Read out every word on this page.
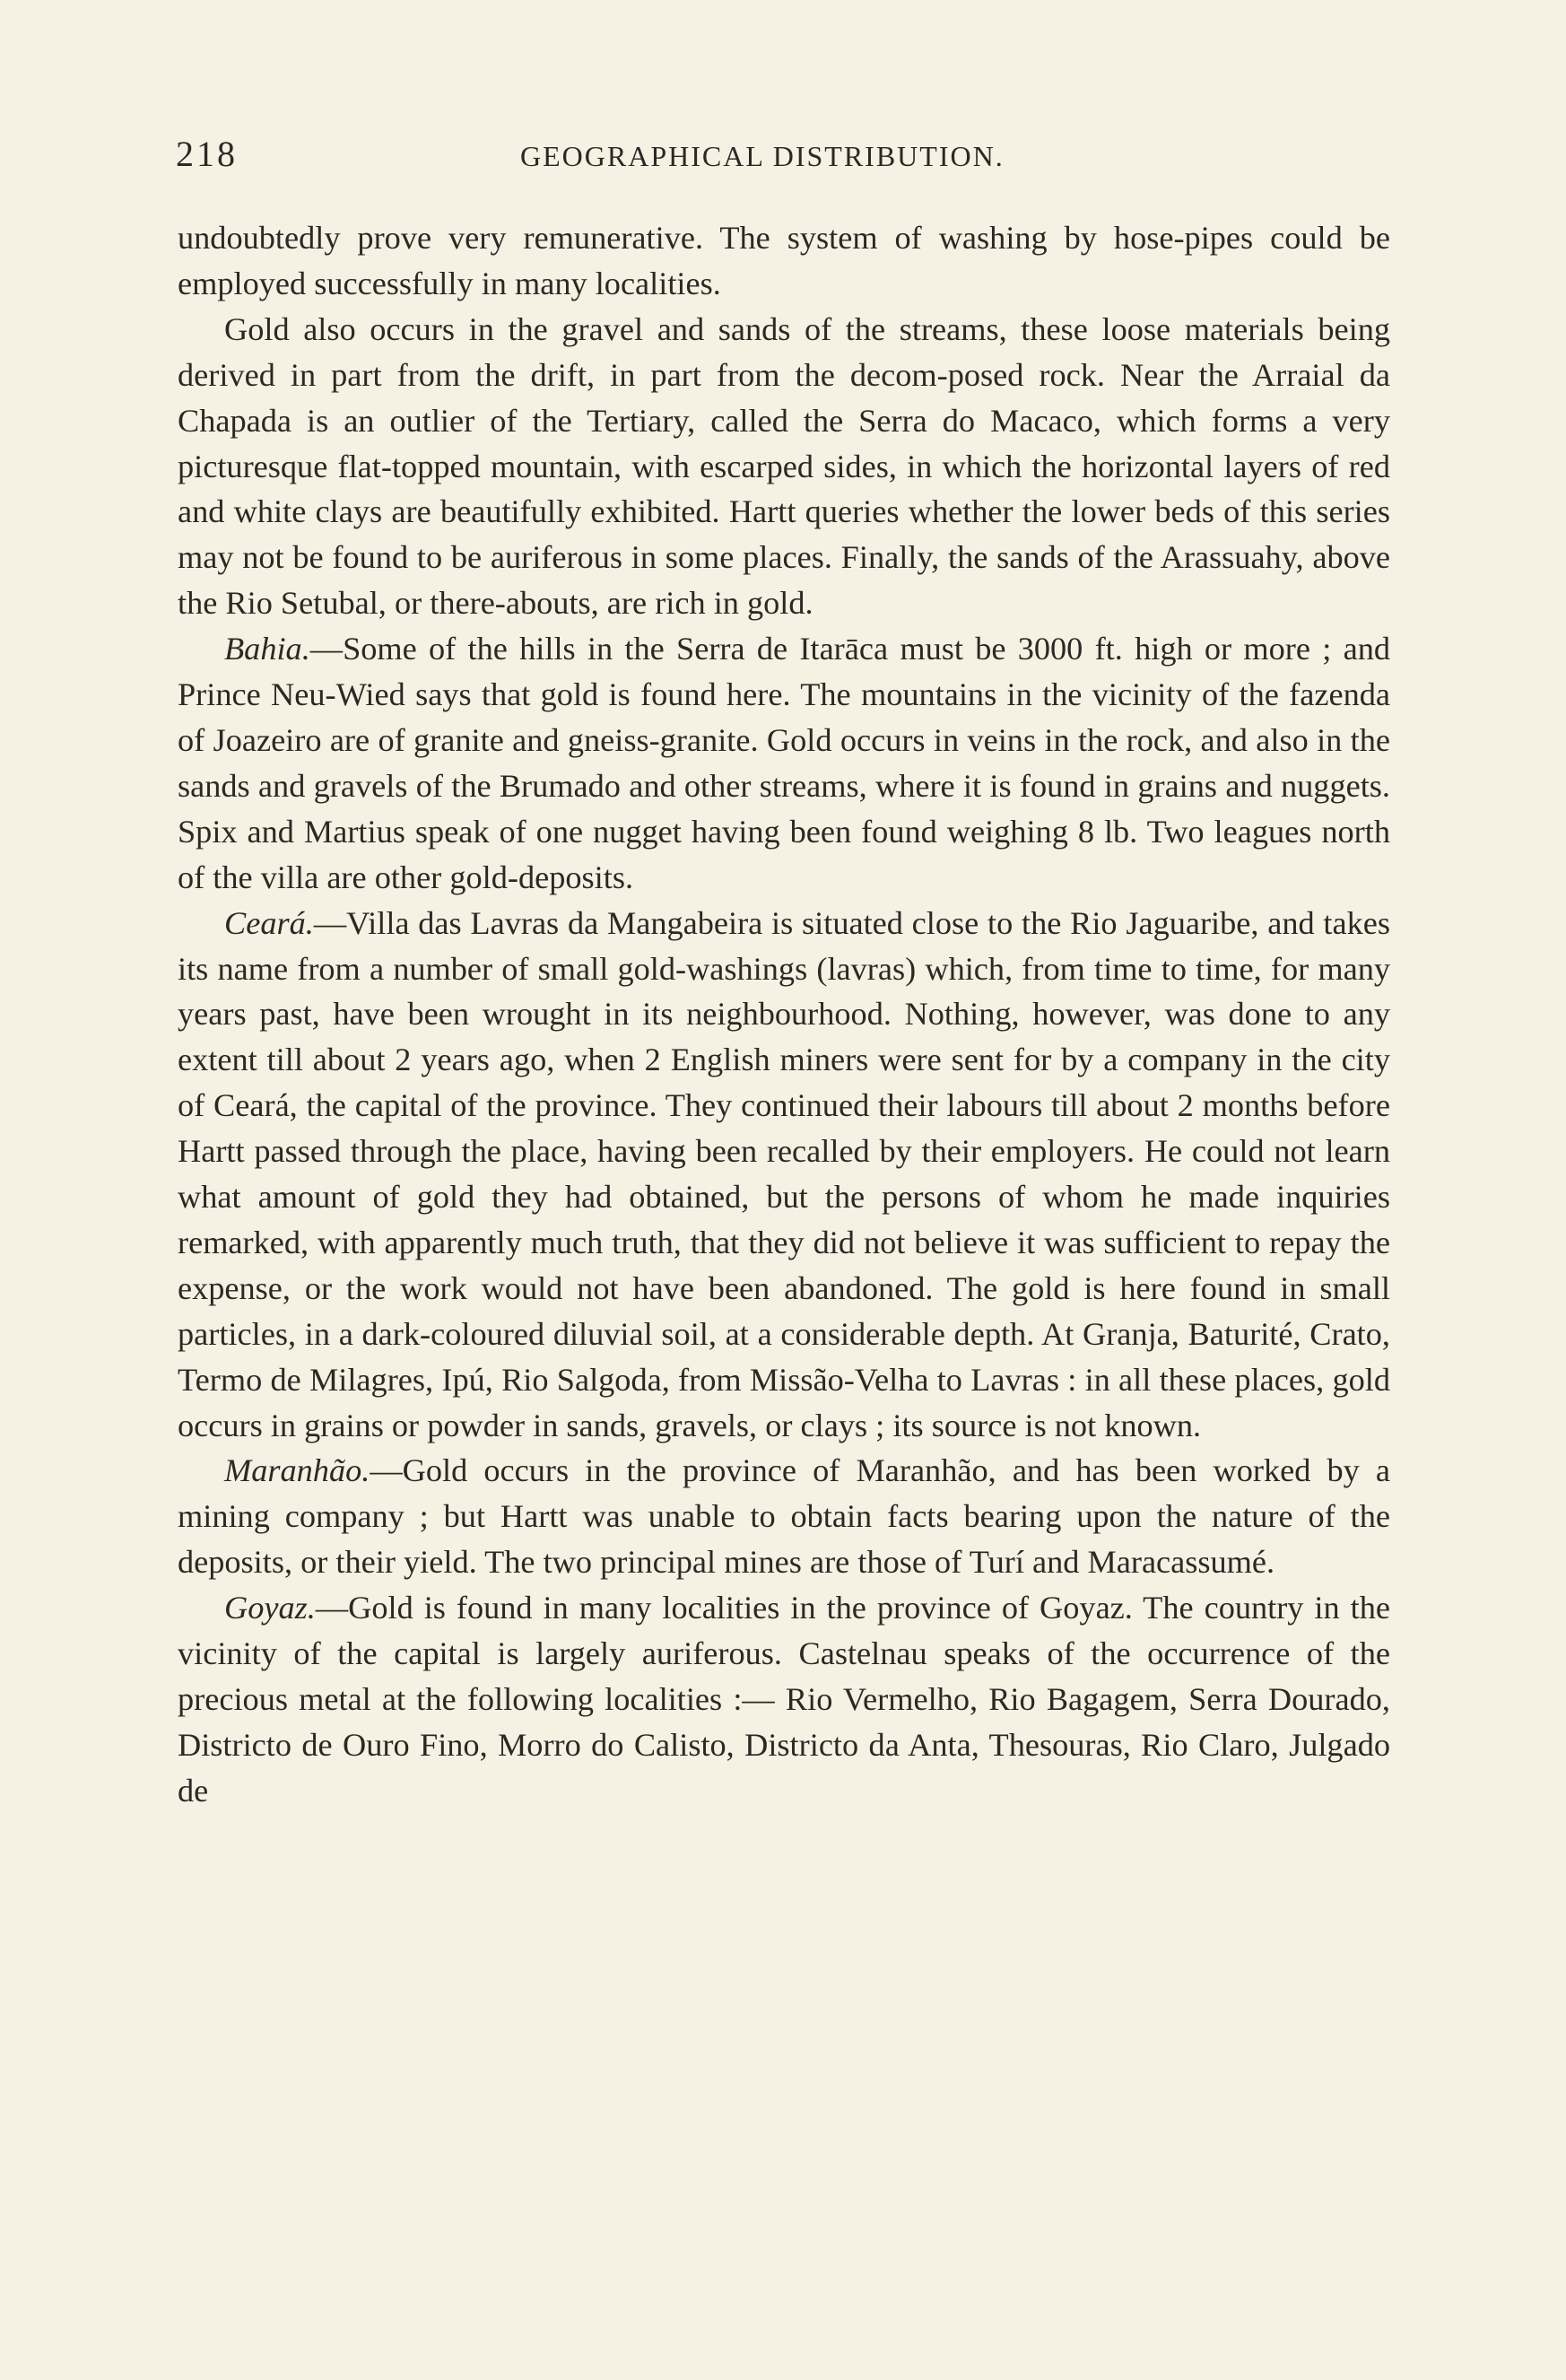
218	GEOGRAPHICAL DISTRIBUTION.

undoubtedly prove very remunerative. The system of washing by hose-pipes could be employed successfully in many localities.

Gold also occurs in the gravel and sands of the streams, these loose materials being derived in part from the drift, in part from the decom-posed rock. Near the Arraial da Chapada is an outlier of the Tertiary, called the Serra do Macaco, which forms a very picturesque flat-topped mountain, with escarped sides, in which the horizontal layers of red and white clays are beautifully exhibited. Hartt queries whether the lower beds of this series may not be found to be auriferous in some places. Finally, the sands of the Arassuahy, above the Rio Setubal, or there-abouts, are rich in gold.

Bahia.—Some of the hills in the Serra de Itarāca must be 3000 ft. high or more ; and Prince Neu-Wied says that gold is found here. The mountains in the vicinity of the fazenda of Joazeiro are of granite and gneiss-granite. Gold occurs in veins in the rock, and also in the sands and gravels of the Brumado and other streams, where it is found in grains and nuggets. Spix and Martius speak of one nugget having been found weighing 8 lb. Two leagues north of the villa are other gold-deposits.

Ceará.—Villa das Lavras da Mangabeira is situated close to the Rio Jaguaribe, and takes its name from a number of small gold-washings (lavras) which, from time to time, for many years past, have been wrought in its neighbourhood. Nothing, however, was done to any extent till about 2 years ago, when 2 English miners were sent for by a company in the city of Ceará, the capital of the province. They continued their labours till about 2 months before Hartt passed through the place, having been recalled by their employers. He could not learn what amount of gold they had obtained, but the persons of whom he made inquiries remarked, with apparently much truth, that they did not believe it was sufficient to repay the expense, or the work would not have been abandoned. The gold is here found in small particles, in a dark-coloured diluvial soil, at a considerable depth. At Granja, Baturité, Crato, Termo de Milagres, Ipú, Rio Salgoda, from Missão-Velha to Lavras : in all these places, gold occurs in grains or powder in sands, gravels, or clays ; its source is not known.

Maranhão.—Gold occurs in the province of Maranhão, and has been worked by a mining company ; but Hartt was unable to obtain facts bearing upon the nature of the deposits, or their yield. The two principal mines are those of Turí and Maracassumé.

Goyaz.—Gold is found in many localities in the province of Goyaz. The country in the vicinity of the capital is largely auriferous. Castelnau speaks of the occurrence of the precious metal at the following localities :— Rio Vermelho, Rio Bagagem, Serra Dourado, Districto de Ouro Fino, Morro do Calisto, Districto da Anta, Thesouras, Rio Claro, Julgado de
